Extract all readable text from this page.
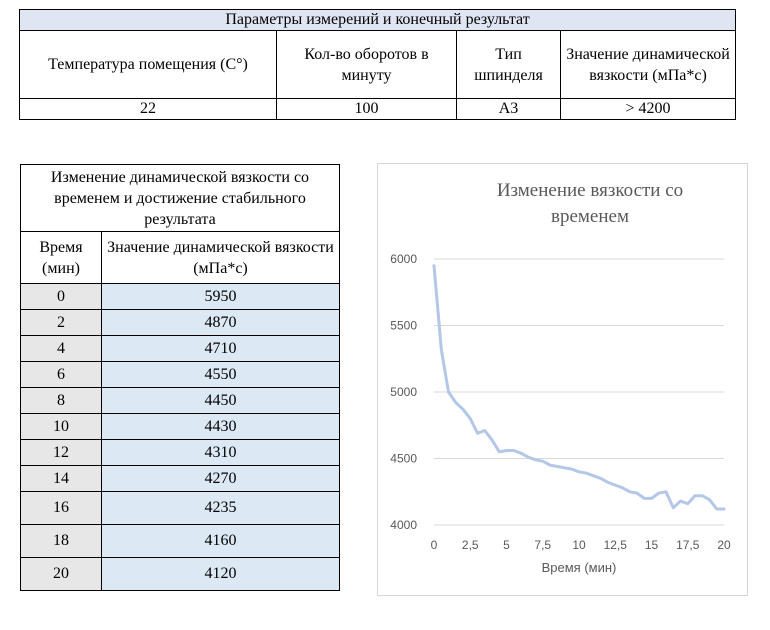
Параметры измерений и конечный результат			
Температура помещения (C°)	Кол-во оборотов в минуту	Тип шпинделя	Значение динамической вязкости (мПа*с)
22	100	А3	> 4200
Изменение динамической вязкости со временем и достижение стабильного результата	
Время (мин)	Значение динамической вязкости (мПа*с)
0	5950
2	4870
4	4710
6	4550
8	4450
10	4430
12	4310
14	4270
16	4235
18	4160
20	4120
Изменение вязкости со
временем
4000
4500
5000
5500
6000
0 2,5 5 7,5 10 12,5 15 17,5 20
Время (мин)
